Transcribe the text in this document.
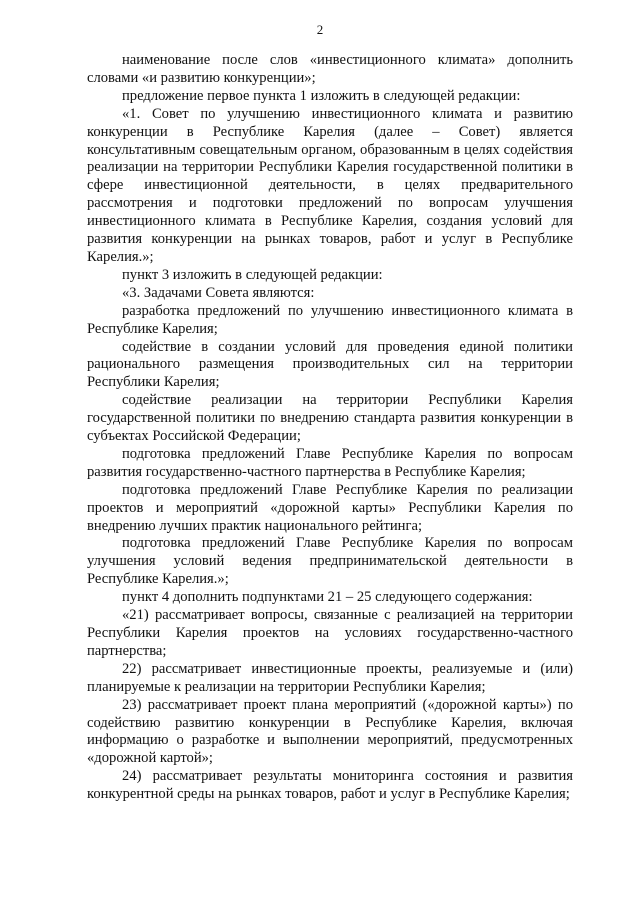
2

наименование после слов «инвестиционного климата» дополнить словами «и развитию конкуренции»;

предложение первое пункта 1 изложить в следующей редакции:

«1. Совет по улучшению инвестиционного климата и развитию конкуренции в Республике Карелия (далее – Совет) является консультативным совещательным органом, образованным в целях содействия реализации на территории Республики Карелия государственной политики в сфере инвестиционной деятельности, в целях предварительного рассмотрения и подготовки предложений по вопросам улучшения инвестиционного климата в Республике Карелия, создания условий для развития конкуренции на рынках товаров, работ и услуг в Республике Карелия.»;

пункт 3 изложить в следующей редакции:

«3. Задачами Совета являются:

разработка предложений по улучшению инвестиционного климата в Республике Карелия;

содействие в создании условий для проведения единой политики рационального размещения производительных сил на территории Республики Карелия;

содействие реализации на территории Республики Карелия государственной политики по внедрению стандарта развития конкуренции в субъектах Российской Федерации;

подготовка предложений Главе Республике Карелия по вопросам развития государственно-частного партнерства в Республике Карелия;

подготовка предложений Главе Республике Карелия по реализации проектов и мероприятий «дорожной карты» Республики Карелия по внедрению лучших практик национального рейтинга;

подготовка предложений Главе Республике Карелия по вопросам улучшения условий ведения предпринимательской деятельности в Республике Карелия.»;

пункт 4 дополнить подпунктами 21 – 25 следующего содержания:

«21) рассматривает вопросы, связанные с реализацией на территории Республики Карелия проектов на условиях государственно-частного партнерства;

22) рассматривает инвестиционные проекты, реализуемые и (или) планируемые к реализации на территории Республики Карелия;

23) рассматривает проект плана мероприятий («дорожной карты») по содействию развитию конкуренции в Республике Карелия, включая информацию о разработке и выполнении мероприятий, предусмотренных «дорожной картой»;

24) рассматривает результаты мониторинга состояния и развития конкурентной среды на рынках товаров, работ и услуг в Республике Карелия;
